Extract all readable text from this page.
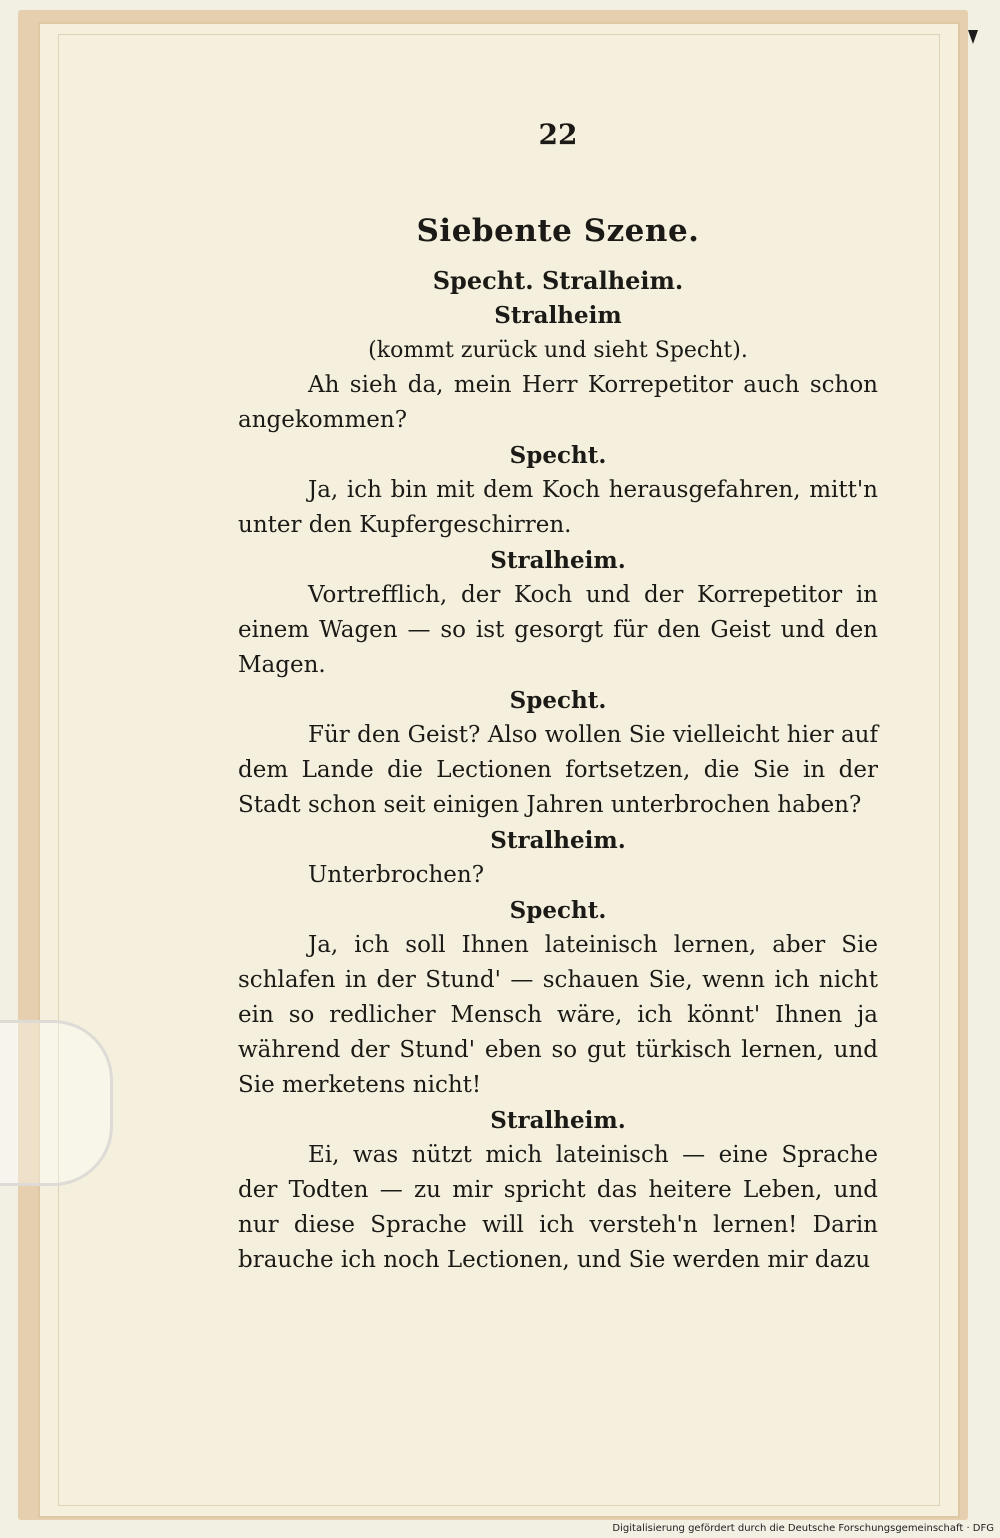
22
Siebente Szene.
Specht. Stralheim.
Stralheim
(kommt zurück und sieht Specht).

Ah sieh da, mein Herr Korrepetitor auch schon angekommen?

Specht.

Ja, ich bin mit dem Koch herausgefahren, mitt'n unter den Kupfergeschirren.

Stralheim.

Vortrefflich, der Koch und der Korrepetitor in einem Wagen — so ist gesorgt für den Geist und den Magen.

Specht.

Für den Geist? Also wollen Sie vielleicht hier auf dem Lande die Lectionen fortsetzen, die Sie in der Stadt schon seit einigen Jahren unterbrochen haben?

Stralheim.

Unterbrochen?

Specht.

Ja, ich soll Ihnen lateinisch lernen, aber Sie schlafen in der Stund' — schauen Sie, wenn ich nicht ein so redlicher Mensch wäre, ich könnt' Ihnen ja während der Stund' eben so gut türkisch lernen, und Sie merketens nicht!

Stralheim.

Ei, was nützt mich lateinisch — eine Sprache der Todten — zu mir spricht das heitere Leben, und nur diese Sprache will ich versteh'n lernen! Darin brauche ich noch Lectionen, und Sie werden mir dazu

Digitalisierung gefördert durch die Deutsche Forschungsgemeinschaft · DFG
